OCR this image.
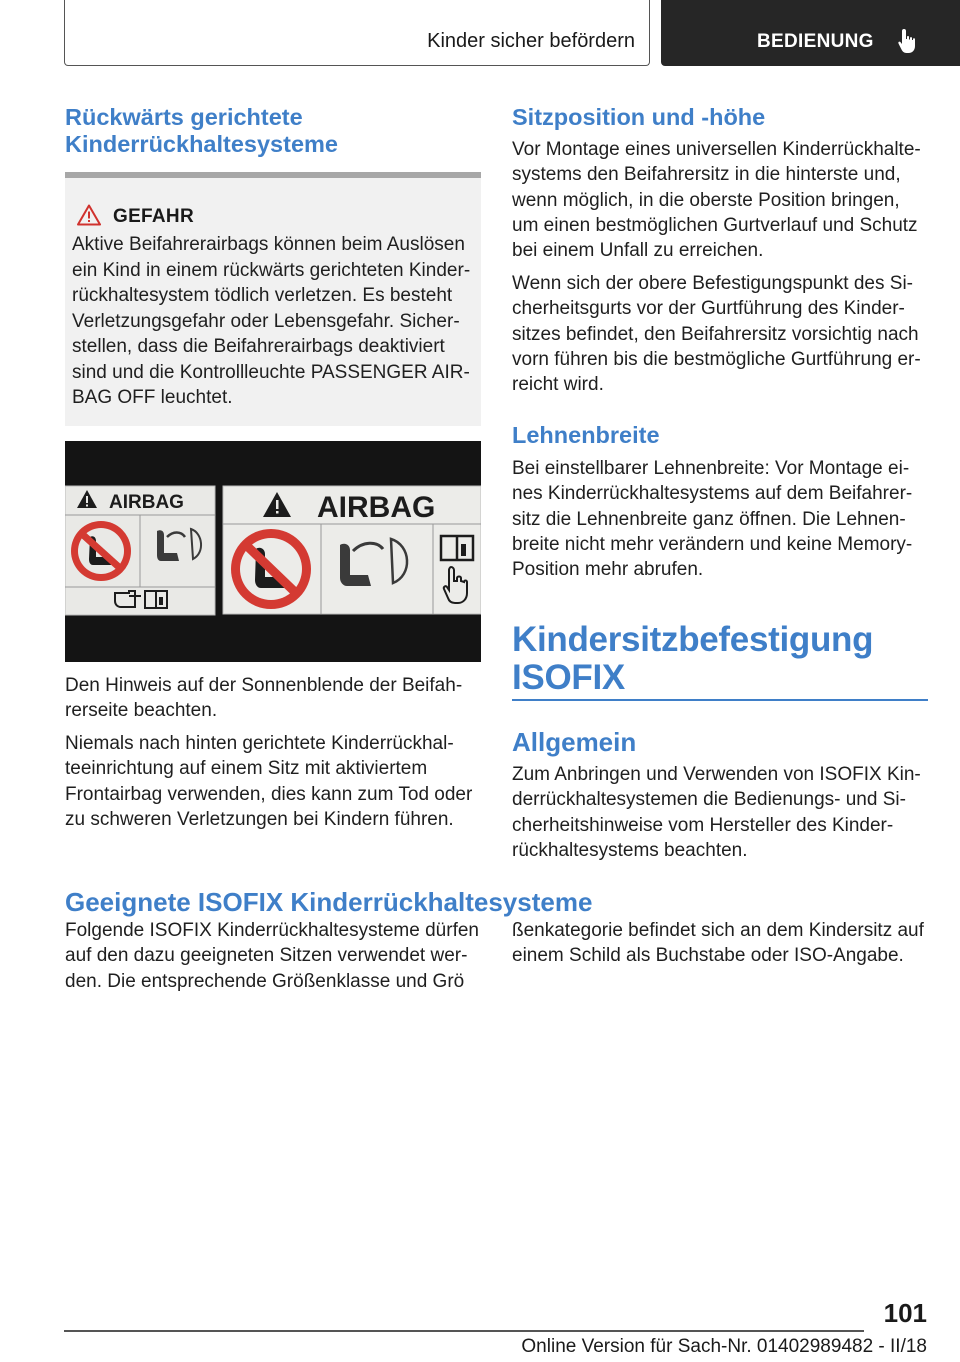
Kinder sicher befördern	BEDIENUNG
Rückwärts gerichtete
Kinderrückhaltesysteme
GEFAHR
Aktive Beifahrerairbags können beim Auslösen ein Kind in einem rückwärts gerichteten Kinderrückhaltesystem tödlich verletzen. Es besteht Verletzungsgefahr oder Lebensgefahr. Sicherstellen, dass die Beifahrerairbags deaktiviert sind und die Kontrollleuchte PASSENGER AIRBAG OFF leuchtet.
AIRBAG	AIRBAG
Den Hinweis auf der Sonnenblende der Beifahrerseite beachten.
Niemals nach hinten gerichtete Kinderrückhalteeinrichtung auf einem Sitz mit aktiviertem Frontairbag verwenden, dies kann zum Tod oder zu schweren Verletzungen bei Kindern führen.
Sitzposition und -höhe
Vor Montage eines universellen Kinderrückhaltesystems den Beifahrersitz in die hinterste und, wenn möglich, in die oberste Position bringen, um einen bestmöglichen Gurtverlauf und Schutz bei einem Unfall zu erreichen.
Wenn sich der obere Befestigungspunkt des Sicherheitsgurts vor der Gurtführung des Kindersitzes befindet, den Beifahrersitz vorsichtig nach vorn führen bis die bestmögliche Gurtführung erreicht wird.
Lehnenbreite
Bei einstellbarer Lehnenbreite: Vor Montage eines Kinderrückhaltesystems auf dem Beifahrersitz die Lehnenbreite ganz öffnen. Die Lehnenbreite nicht mehr verändern und keine Memory-Position mehr abrufen.
Kindersitzbefestigung
ISOFIX
Allgemein
Zum Anbringen und Verwenden von ISOFIX Kinderrückhaltesystemen die Bedienungs- und Sicherheitshinweise vom Hersteller des Kinderrückhaltesystems beachten.
Geeignete ISOFIX Kinderrückhaltesysteme
Folgende ISOFIX Kinderrückhaltesysteme dürfen auf den dazu geeigneten Sitzen verwendet werden. Die entsprechende Größenklasse und Grö
ßenkategorie befindet sich an dem Kindersitz auf einem Schild als Buchstabe oder ISO-Angabe.
101
Online Version für Sach-Nr. 01402989482 - II/18
